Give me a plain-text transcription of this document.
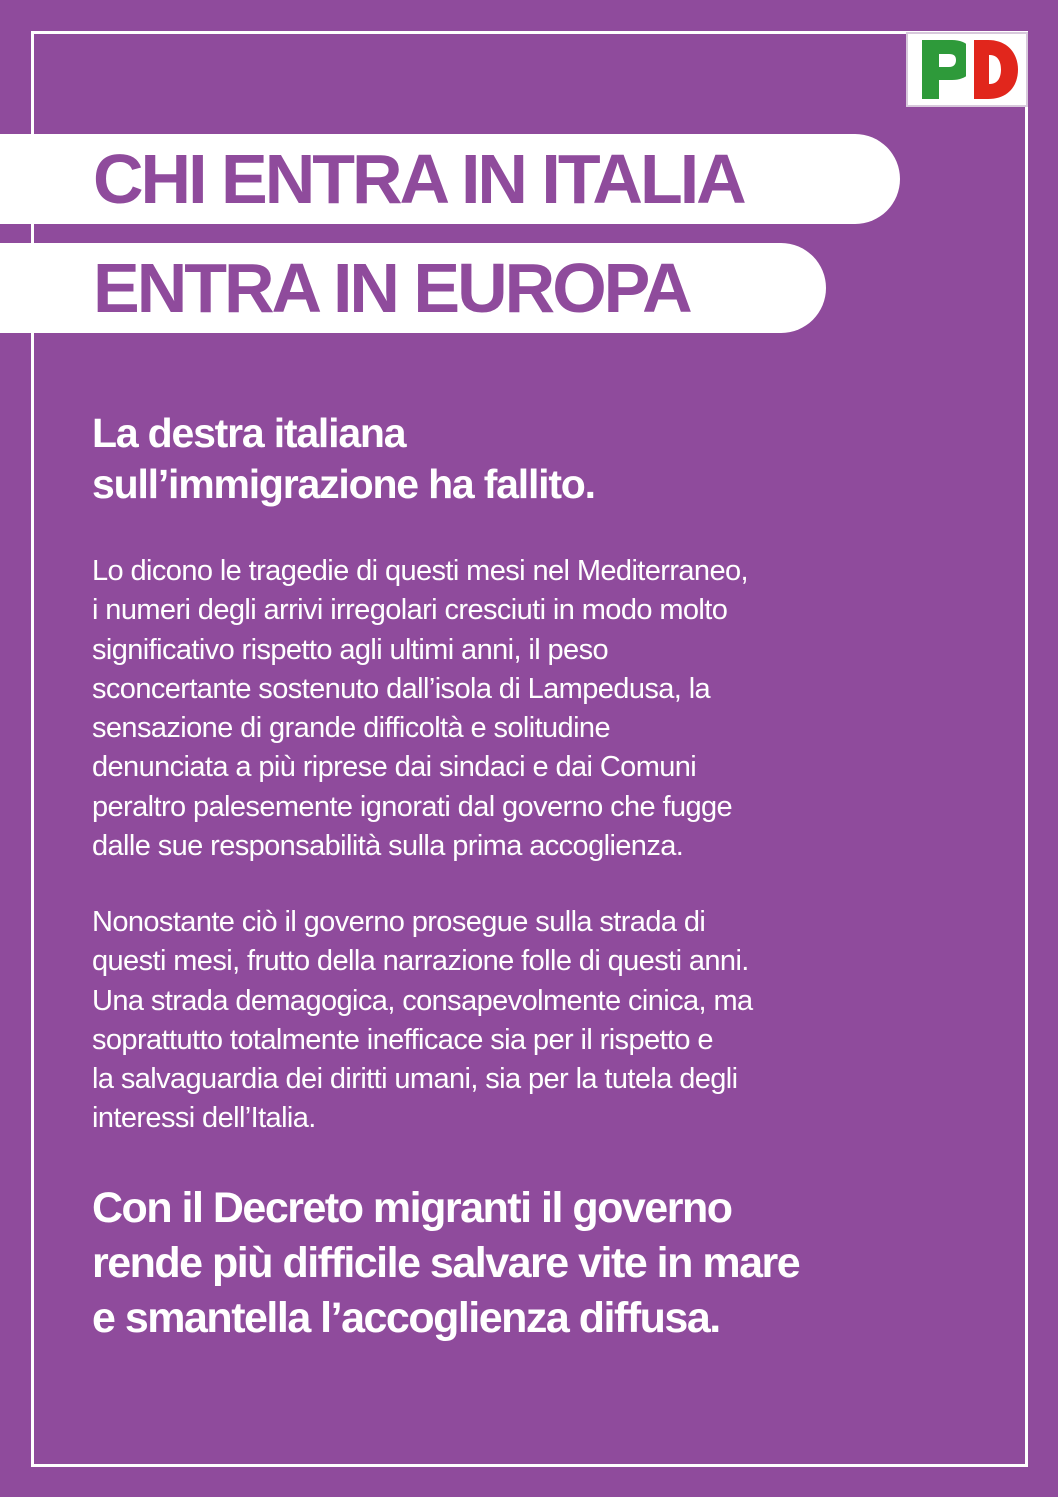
CHI ENTRA IN ITALIA
ENTRA IN EUROPA
La destra italiana
sull’immigrazione ha fallito.

Lo dicono le tragedie di questi mesi nel Mediterraneo,
i numeri degli arrivi irregolari cresciuti in modo molto
significativo rispetto agli ultimi anni, il peso
sconcertante sostenuto dall’isola di Lampedusa, la
sensazione di grande difficoltà e solitudine
denunciata a più riprese dai sindaci e dai Comuni
peraltro palesemente ignorati dal governo che fugge
dalle sue responsabilità sulla prima accoglienza.

Nonostante ciò il governo prosegue sulla strada di
questi mesi, frutto della narrazione folle di questi anni.
Una strada demagogica, consapevolmente cinica, ma
soprattutto totalmente inefficace sia per il rispetto e
la salvaguardia dei diritti umani, sia per la tutela degli
interessi dell’Italia.

Con il Decreto migranti il governo
rende più difficile salvare vite in mare
e smantella l’accoglienza diffusa.
